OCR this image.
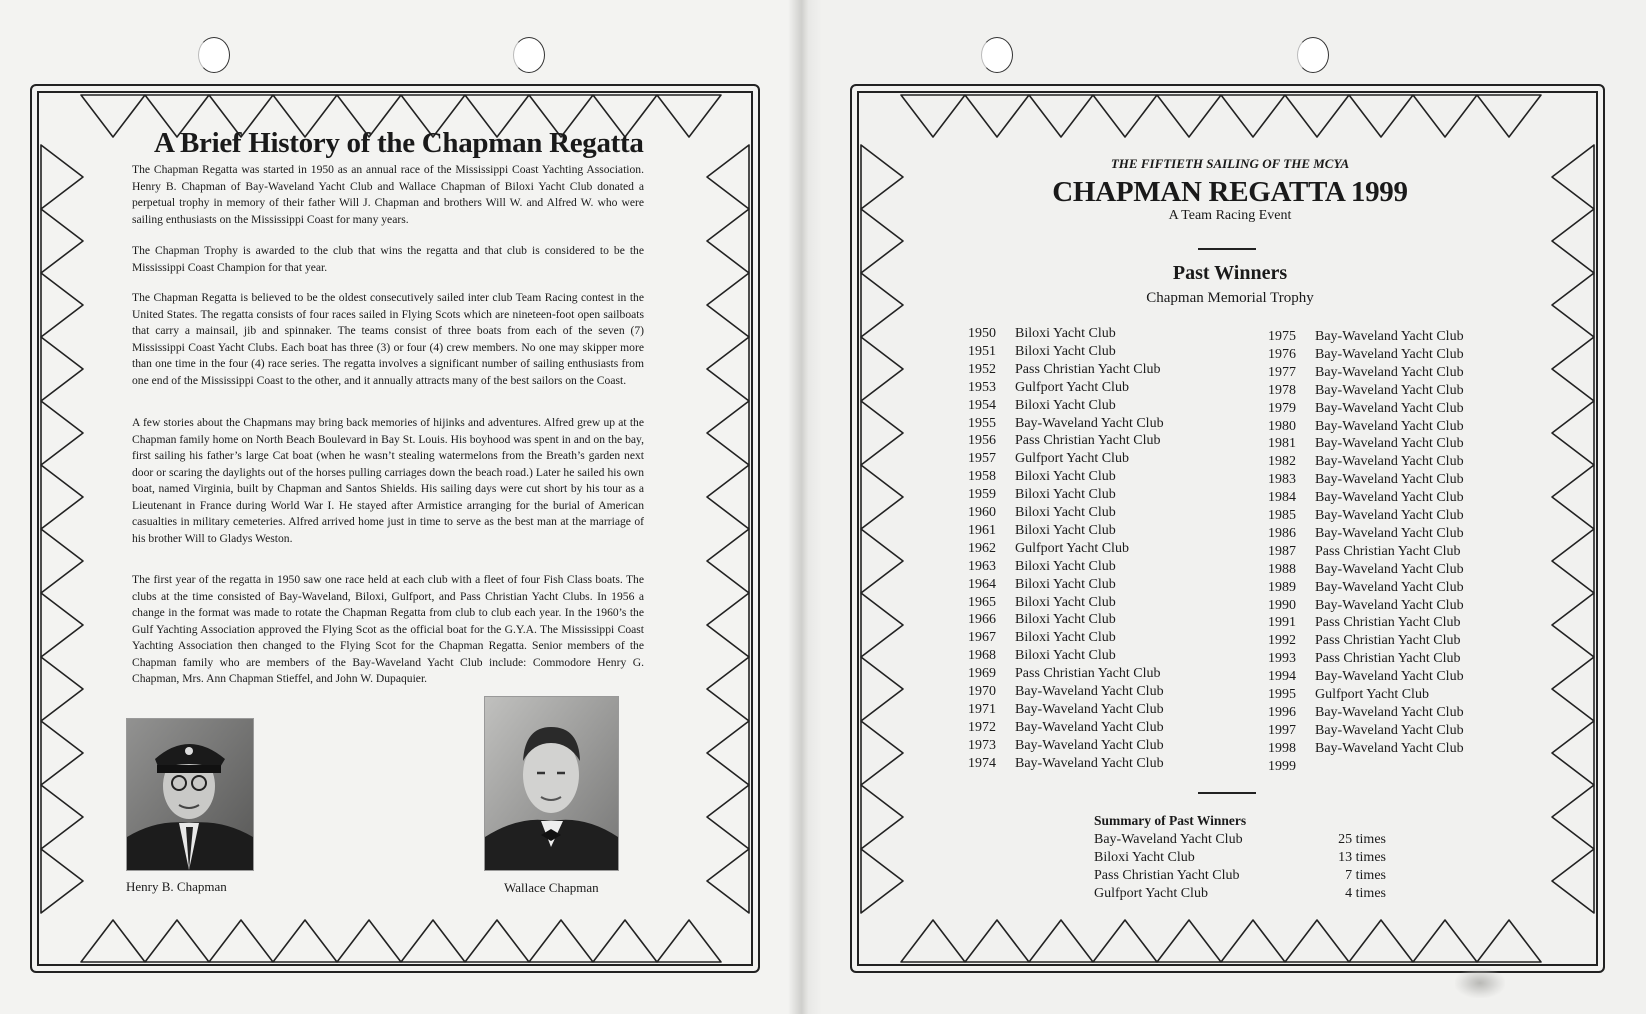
A Brief History of the Chapman Regatta

The Chapman Regatta was started in 1950 as an annual race of the Mississippi Coast Yachting Association. Henry B. Chapman of Bay-Waveland Yacht Club and Wallace Chapman of Biloxi Yacht Club donated a perpetual trophy in memory of their father Will J. Chapman and brothers Will W. and Alfred W. who were sailing enthusiasts on the Mississippi Coast for many years.

The Chapman Trophy is awarded to the club that wins the regatta and that club is considered to be the Mississippi Coast Champion for that year.

The Chapman Regatta is believed to be the oldest consecutively sailed inter club Team Racing contest in the United States. The regatta consists of four races sailed in Flying Scots which are nineteen-foot open sailboats that carry a mainsail, jib and spinnaker. The teams consist of three boats from each of the seven (7) Mississippi Coast Yacht Clubs. Each boat has three (3) or four (4) crew members. No one may skipper more than one time in the four (4) race series. The regatta involves a significant number of sailing enthusiasts from one end of the Mississippi Coast to the other, and it annually attracts many of the best sailors on the Coast.

A few stories about the Chapmans may bring back memories of hijinks and adventures. Alfred grew up at the Chapman family home on North Beach Boulevard in Bay St. Louis. His boyhood was spent in and on the bay, first sailing his father’s large Cat boat (when he wasn’t stealing watermelons from the Breath’s garden next door or scaring the daylights out of the horses pulling carriages down the beach road.) Later he sailed his own boat, named Virginia, built by Chapman and Santos Shields. His sailing days were cut short by his tour as a Lieutenant in France during World War I. He stayed after Armistice arranging for the burial of American casualties in military cemeteries. Alfred arrived home just in time to serve as the best man at the marriage of his brother Will to Gladys Weston.

The first year of the regatta in 1950 saw one race held at each club with a fleet of four Fish Class boats. The clubs at the time consisted of Bay-Waveland, Biloxi, Gulfport, and Pass Christian Yacht Clubs. In 1956 a change in the format was made to rotate the Chapman Regatta from club to club each year. In the 1960’s the Gulf Yachting Association approved the Flying Scot as the official boat for the G.Y.A. The Mississippi Coast Yachting Association then changed to the Flying Scot for the Chapman Regatta. Senior members of the Chapman family who are members of the Bay-Waveland Yacht Club include: Commodore Henry G. Chapman, Mrs. Ann Chapman Stieffel, and John W. Dupaquier.

Henry B. Chapman	Wallace Chapman
THE FIFTIETH SAILING OF THE MCYA
CHAPMAN REGATTA 1999
A Team Racing Event
Past Winners
Chapman Memorial Trophy
1950 Biloxi Yacht Club
1951 Biloxi Yacht Club
1952 Pass Christian Yacht Club
1953 Gulfport Yacht Club
1954 Biloxi Yacht Club
1955 Bay-Waveland Yacht Club
1956 Pass Christian Yacht Club
1957 Gulfport Yacht Club
1958 Biloxi Yacht Club
1959 Biloxi Yacht Club
1960 Biloxi Yacht Club
1961 Biloxi Yacht Club
1962 Gulfport Yacht Club
1963 Biloxi Yacht Club
1964 Biloxi Yacht Club
1965 Biloxi Yacht Club
1966 Biloxi Yacht Club
1967 Biloxi Yacht Club
1968 Biloxi Yacht Club
1969 Pass Christian Yacht Club
1970 Bay-Waveland Yacht Club
1971 Bay-Waveland Yacht Club
1972 Bay-Waveland Yacht Club
1973 Bay-Waveland Yacht Club
1974 Bay-Waveland Yacht Club
1975 Bay-Waveland Yacht Club
1976 Bay-Waveland Yacht Club
1977 Bay-Waveland Yacht Club
1978 Bay-Waveland Yacht Club
1979 Bay-Waveland Yacht Club
1980 Bay-Waveland Yacht Club
1981 Bay-Waveland Yacht Club
1982 Bay-Waveland Yacht Club
1983 Bay-Waveland Yacht Club
1984 Bay-Waveland Yacht Club
1985 Bay-Waveland Yacht Club
1986 Bay-Waveland Yacht Club
1987 Pass Christian Yacht Club
1988 Bay-Waveland Yacht Club
1989 Bay-Waveland Yacht Club
1990 Bay-Waveland Yacht Club
1991 Pass Christian Yacht Club
1992 Pass Christian Yacht Club
1993 Pass Christian Yacht Club
1994 Bay-Waveland Yacht Club
1995 Gulfport Yacht Club
1996 Bay-Waveland Yacht Club
1997 Bay-Waveland Yacht Club
1998 Bay-Waveland Yacht Club
1999
Summary of Past Winners
Bay-Waveland Yacht Club	25 times
Biloxi Yacht Club	13 times
Pass Christian Yacht Club	7 times
Gulfport Yacht Club	4 times
